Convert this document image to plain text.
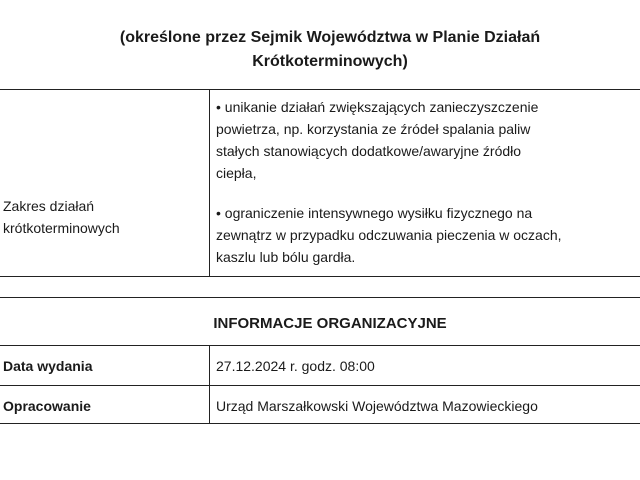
(określone przez Sejmik Województwa w Planie Działań
Krótkoterminowych)
Zakres działań
krótkoterminowych
• unikanie działań zwiększających zanieczyszczenie
powietrza, np. korzystania ze źródeł spalania paliw
stałych stanowiących dodatkowe/awaryjne źródło
ciepła,
• ograniczenie intensywnego wysiłku fizycznego na
zewnątrz w przypadku odczuwania pieczenia w oczach,
kaszlu lub bólu gardła.
INFORMACJE ORGANIZACYJNE
Data wydania	27.12.2024 r. godz. 08:00
Opracowanie	Urząd Marszałkowski Województwa Mazowieckiego
